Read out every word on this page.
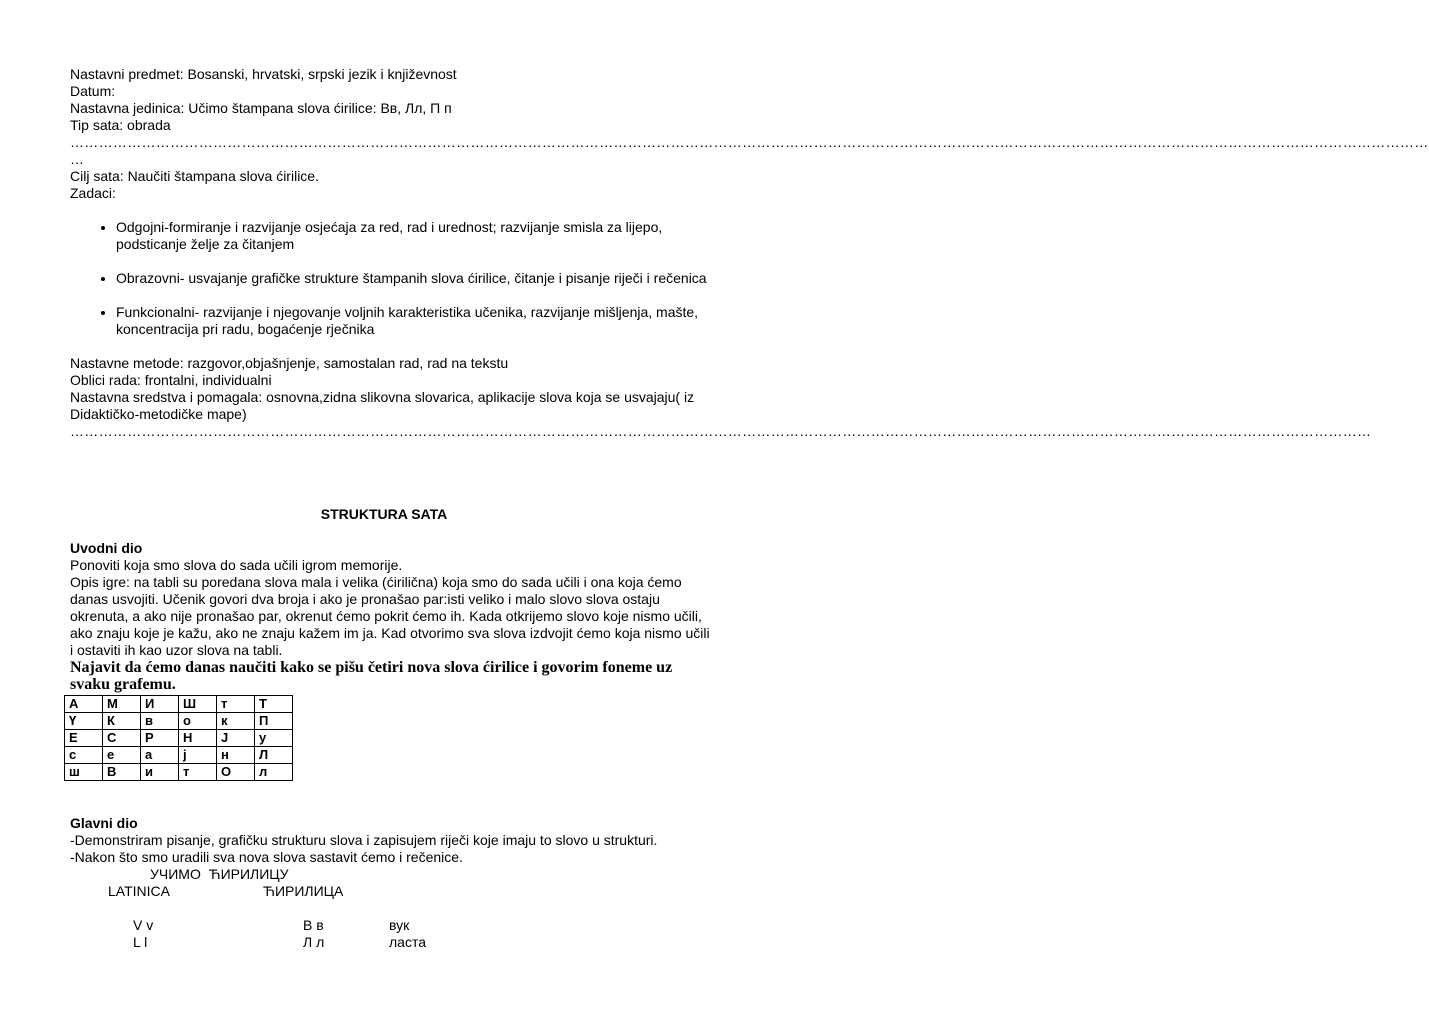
Nastavni predmet: Bosanski, hrvatski, srpski jezik i književnost
Datum:
Nastavna jedinica: Učimo štampana slova ćirilice: Вв, Лл, П п
Tip sata: obrada
……………………………………………………………………………………………………………………………………………………………………………………………………………………………………………………………
…
Cilj sata: Naučiti štampana slova ćirilice.
Zadaci:
• Odgojni-formiranje i razvijanje osjećaja za red, rad i urednost; razvijanje smisla za lijepo, podsticanje želje za čitanjem
• Obrazovni- usvajanje grafičke strukture štampanih slova ćirilice, čitanje i pisanje riječi i rečenica
• Funkcionalni- razvijanje i njegovanje voljnih karakteristika učenika, razvijanje mišljenja, mašte, koncentracija pri radu, bogaćenje rječnika
Nastavne metode: razgovor,objašnjenje, samostalan rad, rad na tekstu
Oblici rada: frontalni, individualni
Nastavna sredstva i pomagala: osnovna,zidna slikovna slovarica, aplikacije slova koja se usvajaju( iz Didaktičko-metodičke mape)
…………………………………………………………………………………………………………………………………………………………………………………………………………………………………………………
STRUKTURA SATA
Uvodni dio
Ponoviti koja smo slova do sada učili igrom memorije.
Opis igre: na tabli su poredana slova mala i velika (ćirilična) koja smo do sada učili i ona koja ćemo danas usvojiti. Učenik govori dva broja i ako je pronašao par:isti veliko i malo slovo slova ostaju okrenuta, a ako nije pronašao par, okrenut ćemo pokrit ćemo ih. Kada otkrijemo slovo koje nismo učili, ako znaju koje je kažu, ako ne znaju kažem im ja. Kad otvorimo sva slova izdvojit ćemo koja nismo učili i ostaviti ih kao uzor slova na tabli.
Najavit da ćemo danas naučiti kako se pišu četiri nova slova ćirilice i govorim foneme uz svaku grafemu.
А	М	И	Ш	т	Т
Ү	К	в	о	к	П
Е	С	Р	Н	Ј	у
с	е	а	ј	н	Л
ш	В	и	т	О	л
Glavni dio
-Demonstriram pisanje, grafičku strukturu slova i zapisujem riječi koje imaju to slovo u strukturi.
-Nakon što smo uradili sva nova slova sastavit ćemo i rečenice.
УЧИМО  ЋИРИЛИЦУ
LATINICA	ЋИРИЛИЦА
V v	В в	вук
L l	Л л	ласта
